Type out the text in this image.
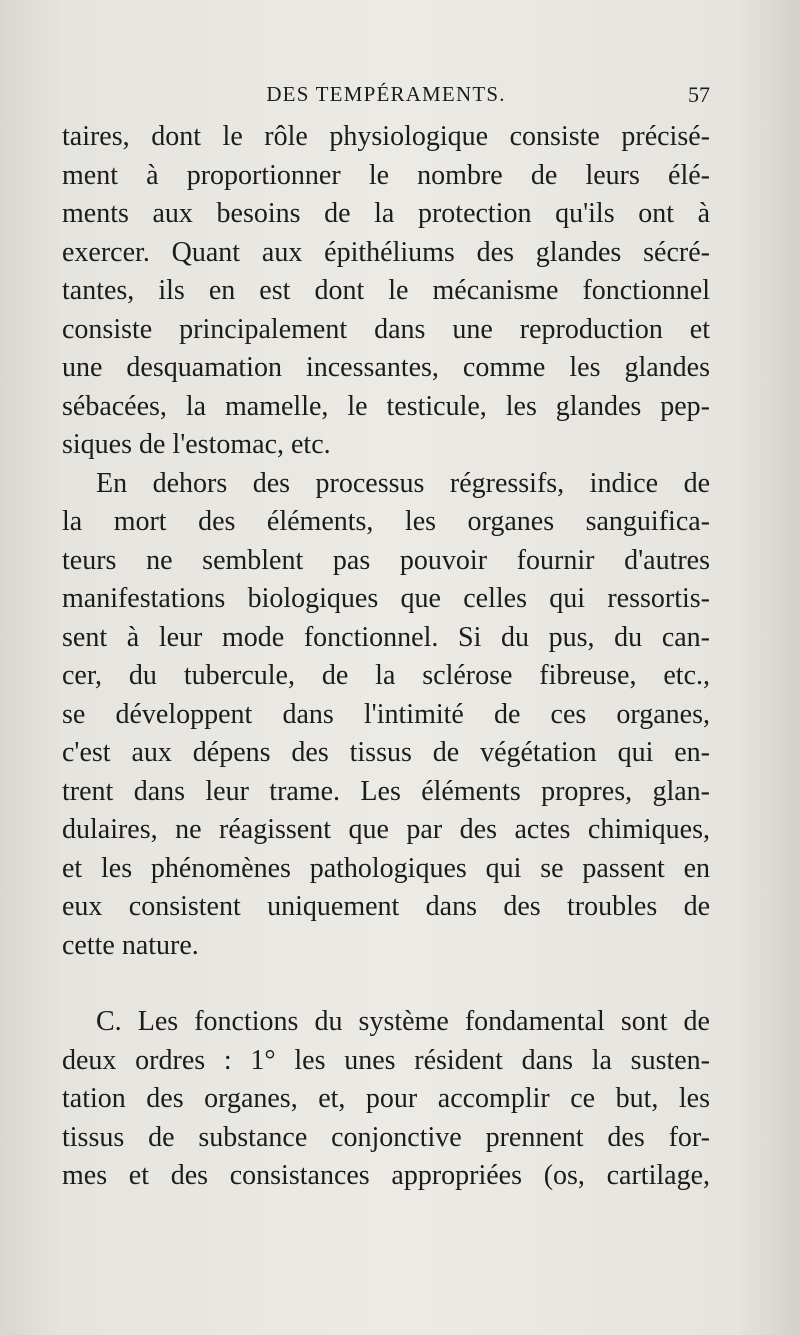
DES TEMPÉRAMENTS.	57
taires, dont le rôle physiologique consiste précisé-
ment à proportionner le nombre de leurs élé-
ments aux besoins de la protection qu'ils ont à
exercer. Quant aux épithéliums des glandes sécré-
tantes, ils en est dont le mécanisme fonctionnel
consiste principalement dans une reproduction et
une desquamation incessantes, comme les glandes
sébacées, la mamelle, le testicule, les glandes pep-
siques de l'estomac, etc.
En dehors des processus régressifs, indice de
la mort des éléments, les organes sanguifica-
teurs ne semblent pas pouvoir fournir d'autres
manifestations biologiques que celles qui ressortis-
sent à leur mode fonctionnel. Si du pus, du can-
cer, du tubercule, de la sclérose fibreuse, etc.,
se développent dans l'intimité de ces organes,
c'est aux dépens des tissus de végétation qui en-
trent dans leur trame. Les éléments propres, glan-
dulaires, ne réagissent que par des actes chimiques,
et les phénomènes pathologiques qui se passent en
eux consistent uniquement dans des troubles de
cette nature.
C. Les fonctions du système fondamental sont de
deux ordres : 1° les unes résident dans la susten-
tation des organes, et, pour accomplir ce but, les
tissus de substance conjonctive prennent des for-
mes et des consistances appropriées (os, cartilage,
